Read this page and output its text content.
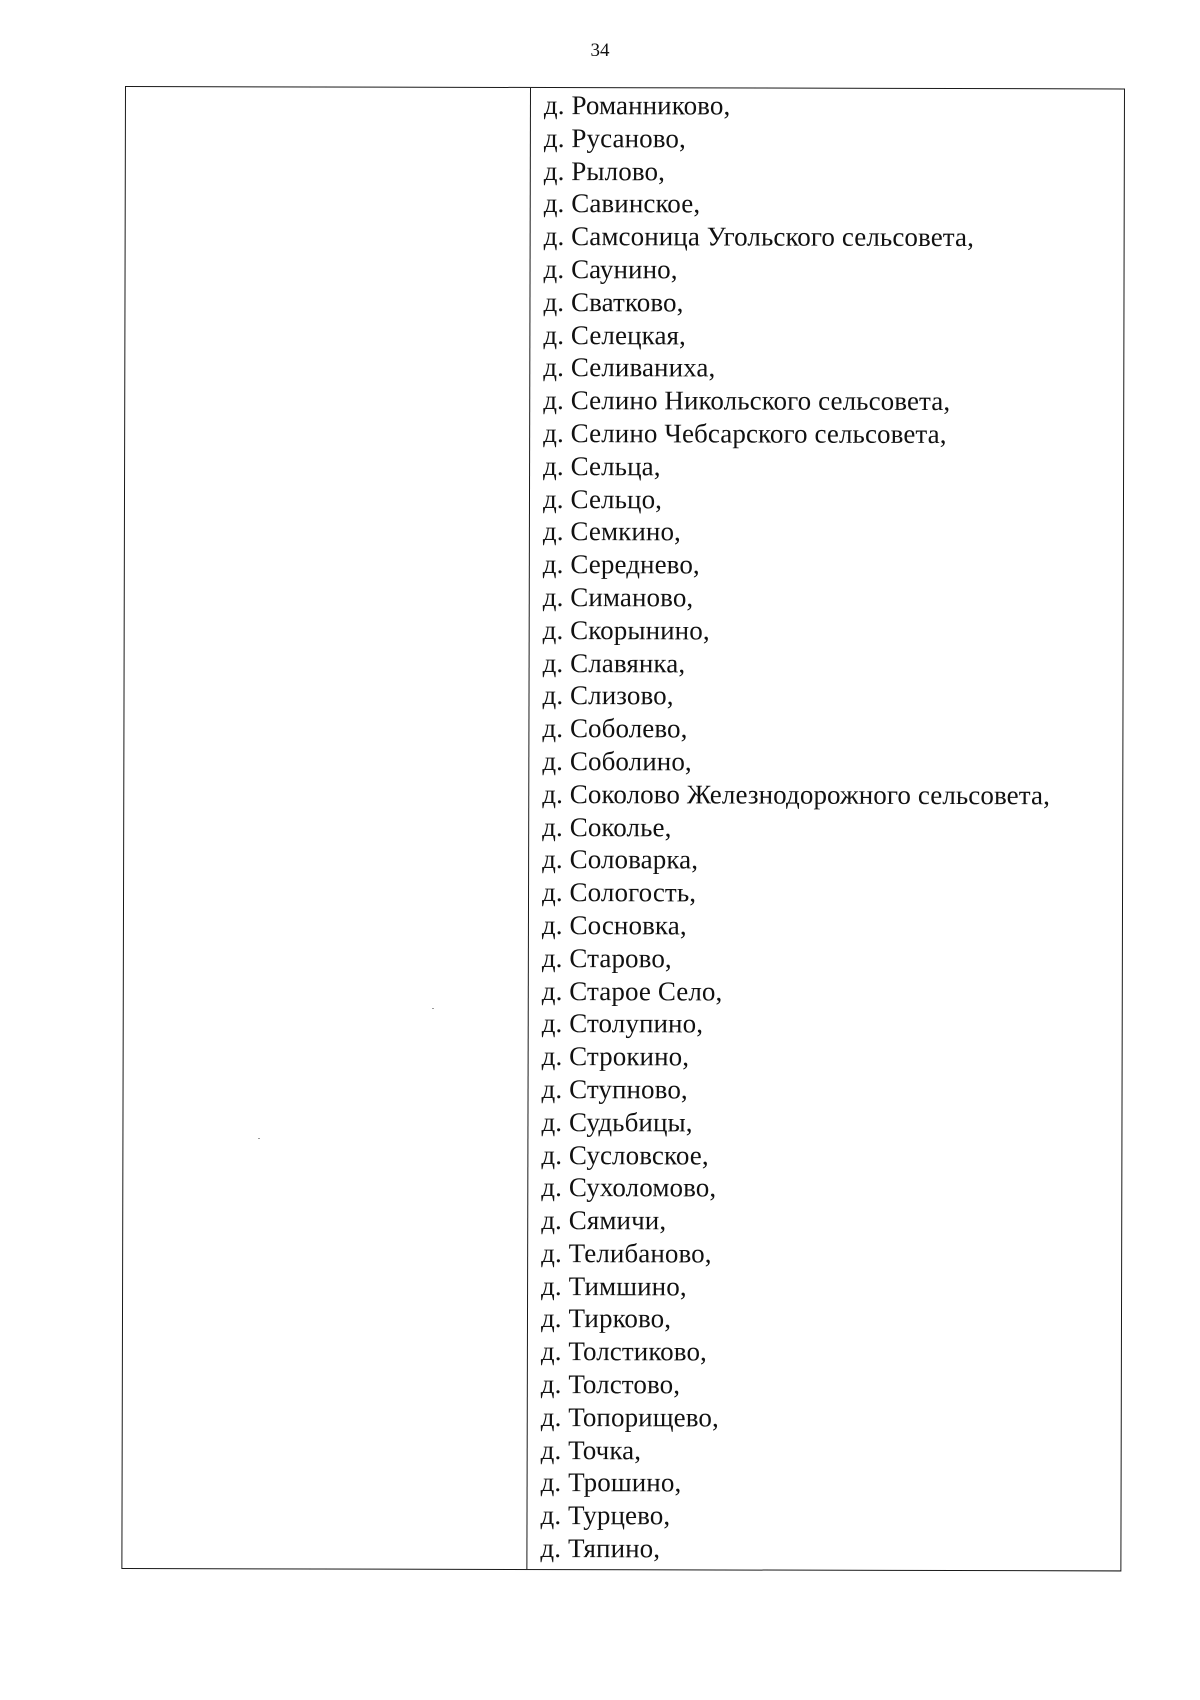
34
д. Романниково,
д. Русаново,
д. Рылово,
д. Савинское,
д. Самсоница Угольского сельсовета,
д. Саунино,
д. Сватково,
д. Селецкая,
д. Селиваниха,
д. Селино Никольского сельсовета,
д. Селино Чебсарского сельсовета,
д. Сельца,
д. Сельцо,
д. Семкино,
д. Середнево,
д. Симаново,
д. Скорынино,
д. Славянка,
д. Слизово,
д. Соболево,
д. Соболино,
д. Соколово Железнодорожного сельсовета,
д. Соколье,
д. Соловарка,
д. Сологость,
д. Сосновка,
д. Старово,
д. Старое Село,
д. Столупино,
д. Строкино,
д. Ступново,
д. Судьбицы,
д. Сусловское,
д. Сухоломово,
д. Сямичи,
д. Телибаново,
д. Тимшино,
д. Тирково,
д. Толстиково,
д. Толстово,
д. Топорищево,
д. Точка,
д. Трошино,
д. Турцево,
д. Тяпино,
